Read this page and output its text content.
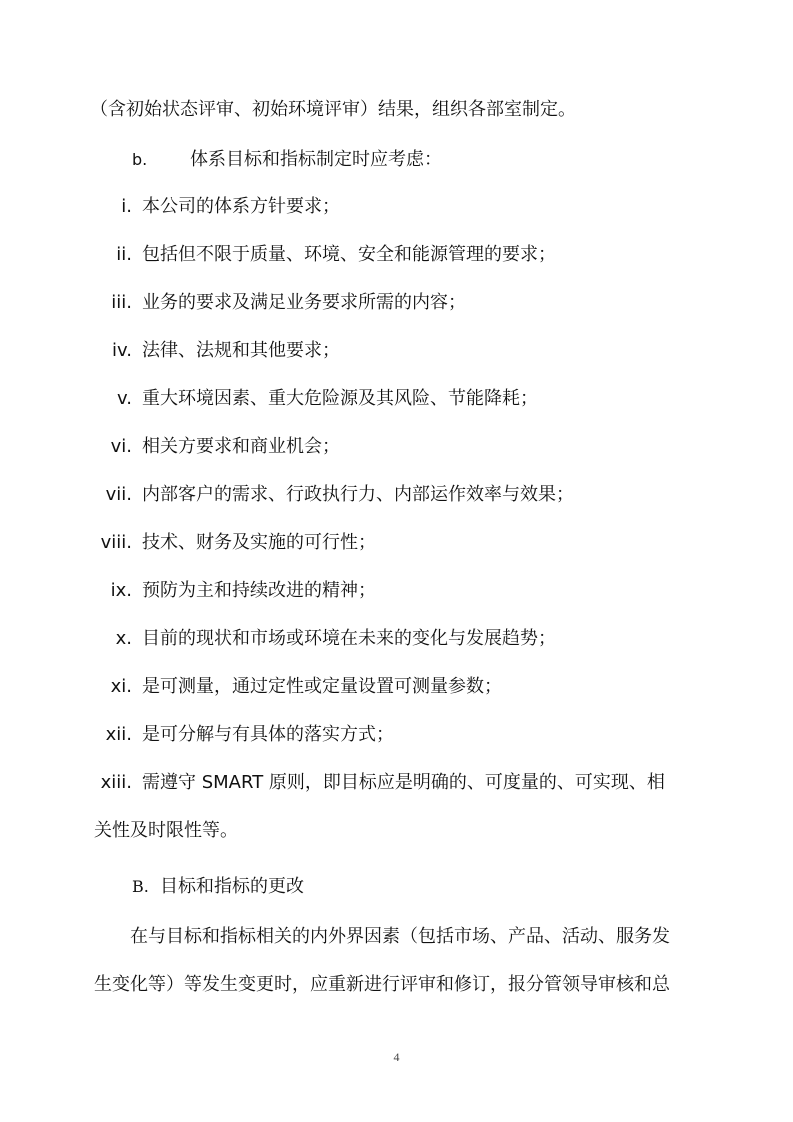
（含初始状态评审、初始环境评审）结果，组织各部室制定。
b. 体系目标和指标制定时应考虑：
i. 本公司的体系方针要求；
ii. 包括但不限于质量、环境、安全和能源管理的要求；
iii. 业务的要求及满足业务要求所需的内容；
iv. 法律、法规和其他要求；
v. 重大环境因素、重大危险源及其风险、节能降耗；
vi. 相关方要求和商业机会；
vii. 内部客户的需求、行政执行力、内部运作效率与效果；
viii. 技术、财务及实施的可行性；
ix. 预防为主和持续改进的精神；
x. 目前的现状和市场或环境在未来的变化与发展趋势；
xi. 是可测量，通过定性或定量设置可测量参数；
xii. 是可分解与有具体的落实方式；
xiii. 需遵守 SMART 原则，即目标应是明确的、可度量的、可实现、相
关性及时限性等。
B. 目标和指标的更改
在与目标和指标相关的内外界因素（包括市场、产品、活动、服务发
生变化等）等发生变更时，应重新进行评审和修订，报分管领导审核和总
4
